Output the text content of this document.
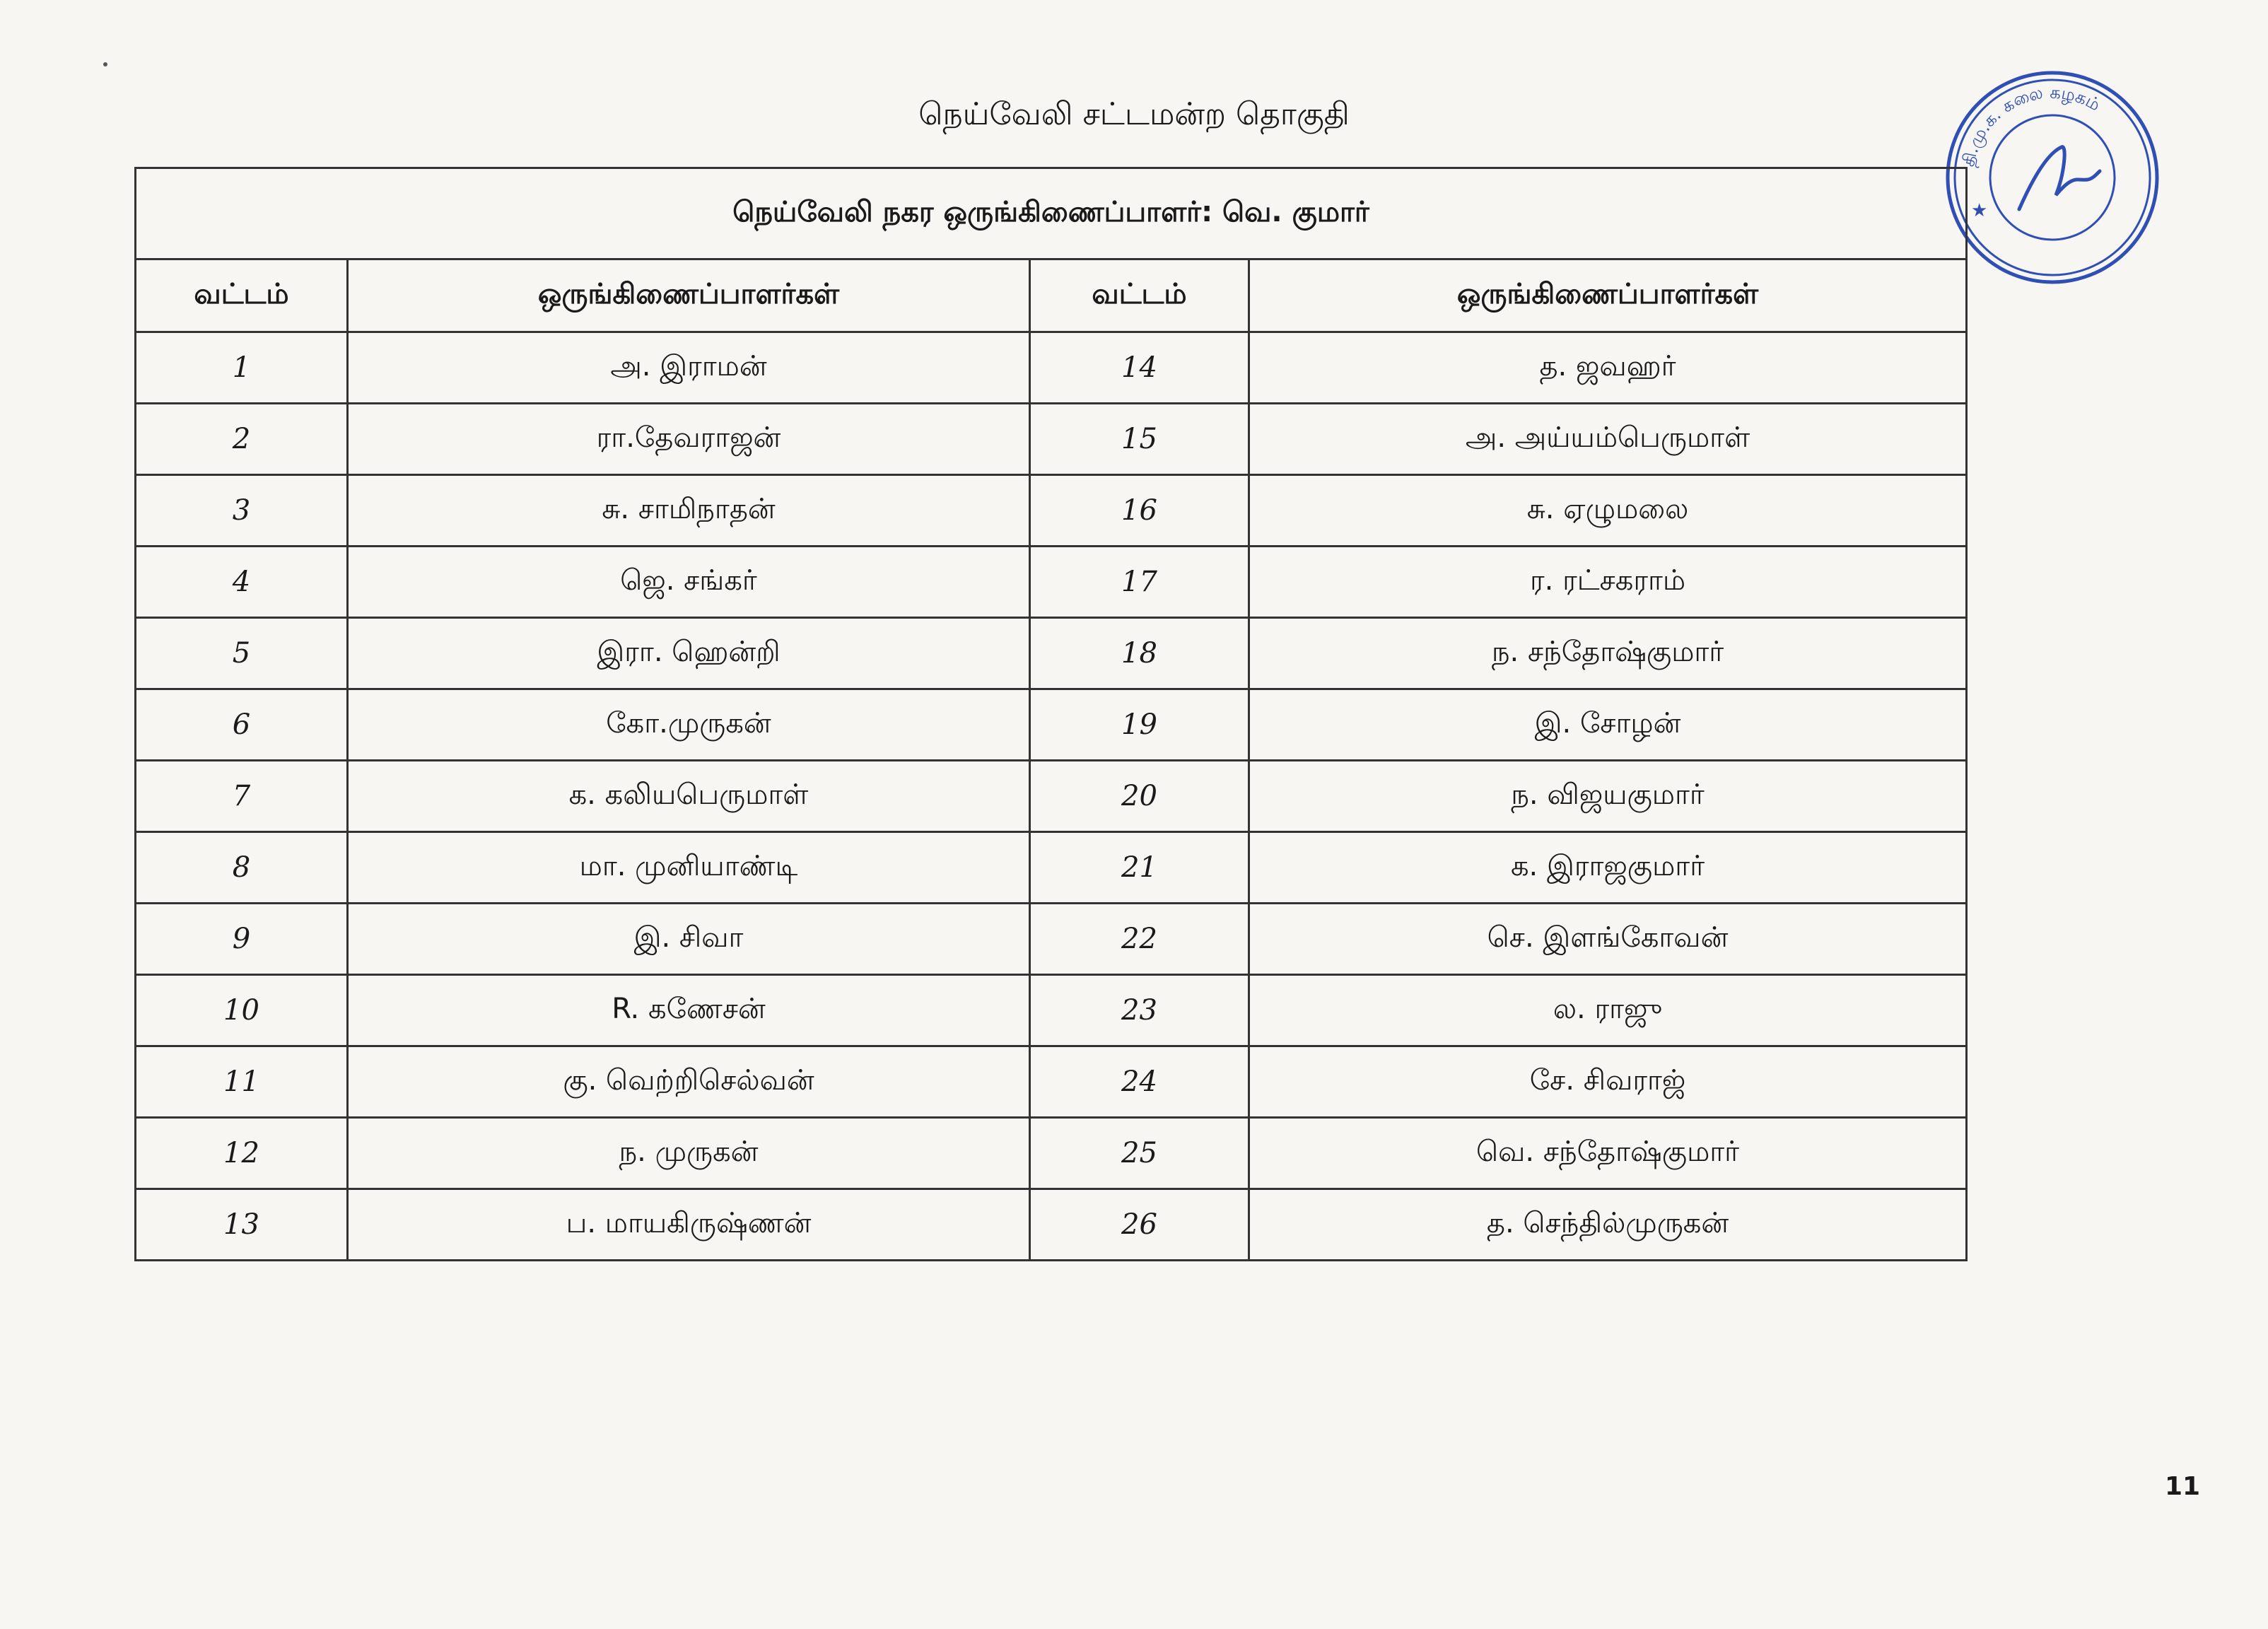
நெய்வேலி சட்டமன்ற தொகுதி
தி.மு.க. கலை கழகம்
★
நெய்வேலி நகர ஒருங்கிணைப்பாளர்: வெ. குமார்			
வட்டம்	ஒருங்கிணைப்பாளர்கள்	வட்டம்	ஒருங்கிணைப்பாளர்கள்
1	அ. இராமன்	14	த. ஜவஹர்
2	ரா.தேவராஜன்	15	அ. அய்யம்பெருமாள்
3	சு. சாமிநாதன்	16	சு. ஏழுமலை
4	ஜெ. சங்கர்	17	ர. ரட்சகராம்
5	இரா. ஹென்றி	18	ந. சந்தோஷ்குமார்
6	கோ.முருகன்	19	இ. சோழன்
7	க. கலியபெருமாள்	20	ந. விஜயகுமார்
8	மா. முனியாண்டி	21	க. இராஜகுமார்
9	இ. சிவா	22	செ. இளங்கோவன்
10	R. கணேசன்	23	ல. ராஜு
11	கு. வெற்றிசெல்வன்	24	சே. சிவராஜ்
12	ந. முருகன்	25	வெ. சந்தோஷ்குமார்
13	ப. மாயகிருஷ்ணன்	26	த. செந்தில்முருகன்
11
